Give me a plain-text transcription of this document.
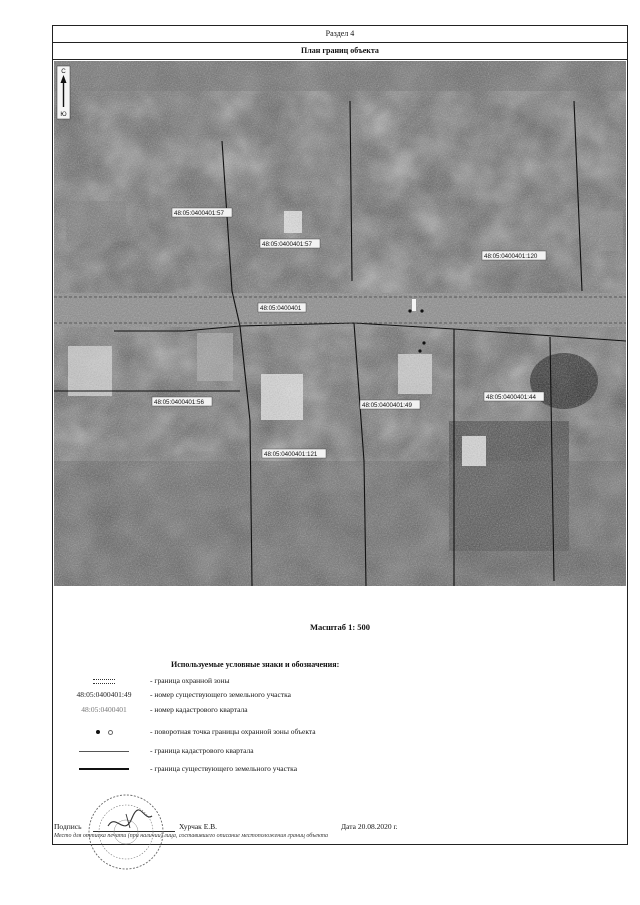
Раздел 4
План границ объекта
С
Ю
48:05:0400401:57
48:05:0400401:57
48:05:0400401:120
48:05:0400401
48:05:0400401:56	48:05:0400401:49
48:05:0400401:44
48:05:0400401:121
Масштаб 1: 500
Используемые условные знаки и обозначения:
- граница охранной зоны
48:05:0400401:49	- номер существующего земельного участка
48:05:0400401	- номер кадастрового квартала
- поворотная точка границы охранной зоны объекта
- граница кадастрового квартала
- граница существующего земельного участка
Подпись	Хурчак Е.В.	Дата 20.08.2020 г.
Место для оттиска печати (при наличии) лица, составившего описание местоположения границ объекта
